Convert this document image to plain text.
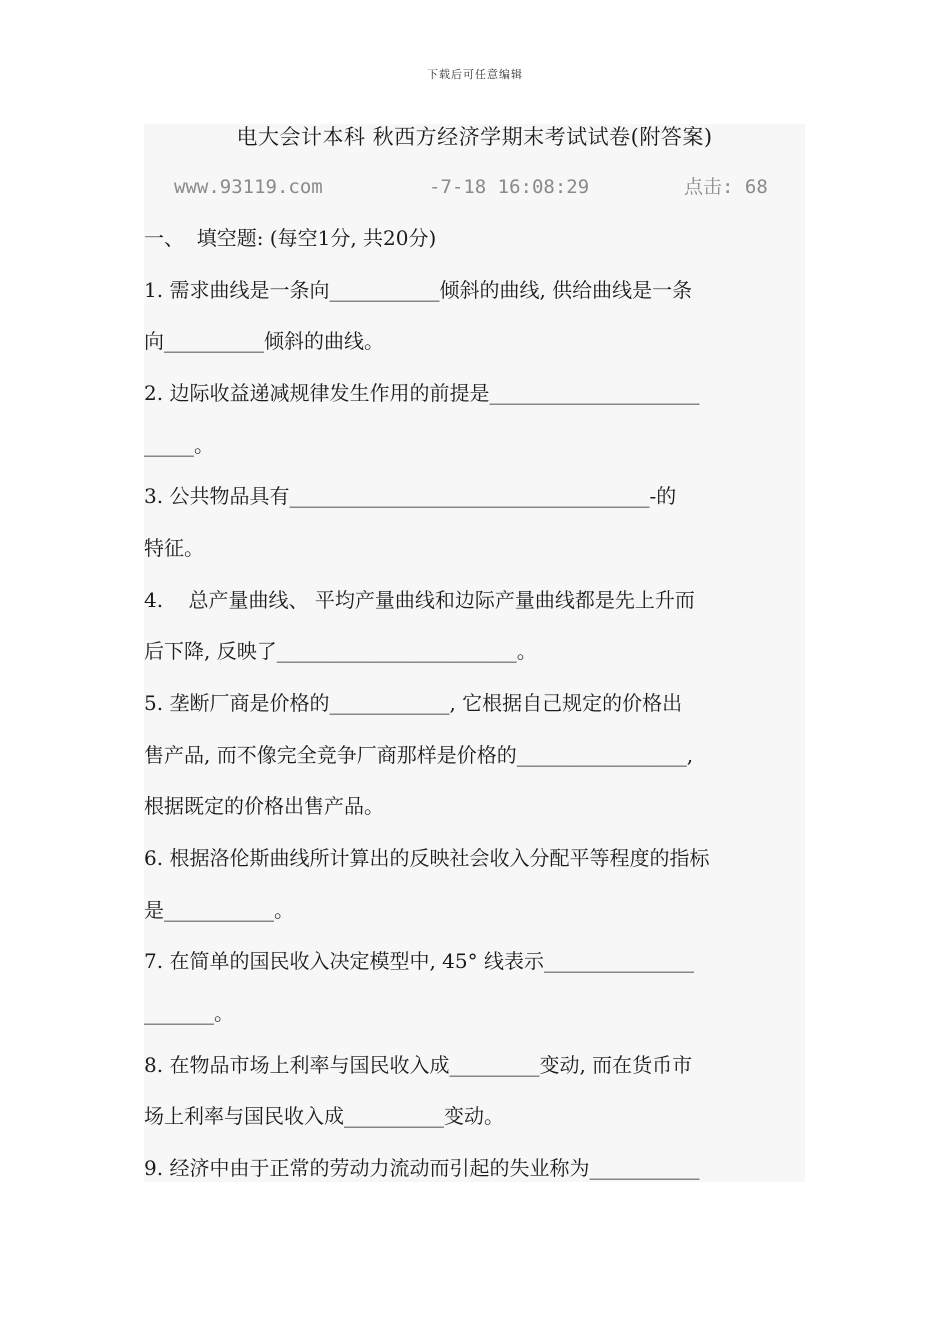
下载后可任意编辑
电大会计本科 秋西方经济学期末考试试卷(附答案)
www.93119.com	-7-18 16:08:29	点击: 68
一、  填空题: (每空1分, 共20分)
1. 需求曲线是一条向___________倾斜的曲线, 供给曲线是一条
向__________倾斜的曲线。
2. 边际收益递减规律发生作用的前提是_____________________
_____。
3. 公共物品具有____________________________________-的
特征。
4.    总产量曲线、 平均产量曲线和边际产量曲线都是先上升而
后下降, 反映了________________________。
5. 垄断厂商是价格的____________, 它根据自己规定的价格出
售产品, 而不像完全竞争厂商那样是价格的_________________,
根据既定的价格出售产品。
6. 根据洛伦斯曲线所计算出的反映社会收入分配平等程度的指标
是___________。
7. 在简单的国民收入决定模型中, 45° 线表示_______________
_______。
8. 在物品市场上利率与国民收入成_________变动, 而在货币市
场上利率与国民收入成__________变动。
9. 经济中由于正常的劳动力流动而引起的失业称为___________
